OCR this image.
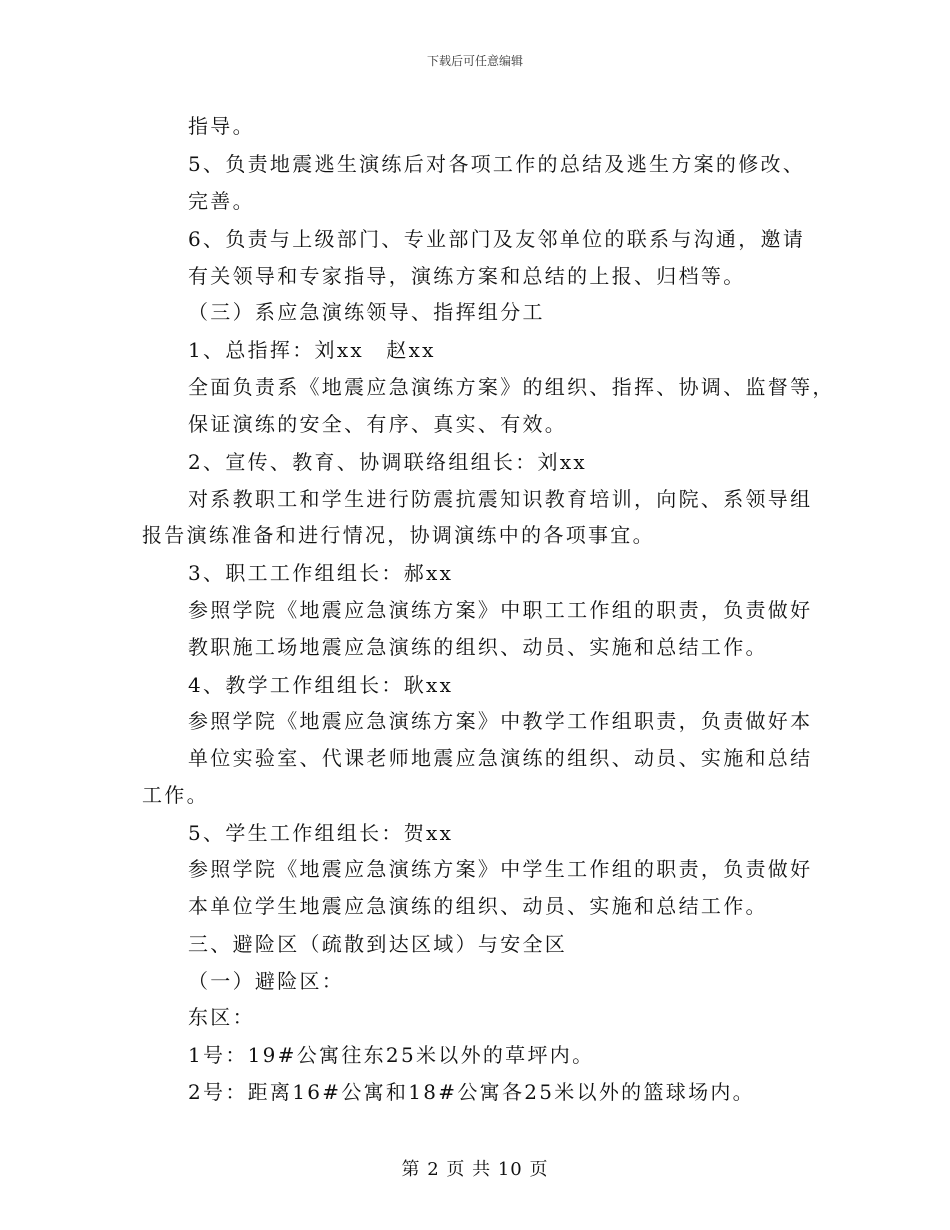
下载后可任意编辑
指导。
5、负责地震逃生演练后对各项工作的总结及逃生方案的修改、
完善。
6、负责与上级部门、专业部门及友邻单位的联系与沟通，邀请
有关领导和专家指导，演练方案和总结的上报、归档等。
（三）系应急演练领导、指挥组分工
1、总指挥：刘xx　赵xx
全面负责系《地震应急演练方案》的组织、指挥、协调、监督等，
保证演练的安全、有序、真实、有效。
2、宣传、教育、协调联络组组长：刘xx
对系教职工和学生进行防震抗震知识教育培训，向院、系领导组
报告演练准备和进行情况，协调演练中的各项事宜。
3、职工工作组组长：郝xx
参照学院《地震应急演练方案》中职工工作组的职责，负责做好
教职施工场地震应急演练的组织、动员、实施和总结工作。
4、教学工作组组长：耿xx
参照学院《地震应急演练方案》中教学工作组职责，负责做好本
单位实验室、代课老师地震应急演练的组织、动员、实施和总结
工作。
5、学生工作组组长：贺xx
参照学院《地震应急演练方案》中学生工作组的职责，负责做好
本单位学生地震应急演练的组织、动员、实施和总结工作。
三、避险区（疏散到达区域）与安全区
（一）避险区：
东区：
1号：19#公寓往东25米以外的草坪内。
2号：距离16#公寓和18#公寓各25米以外的篮球场内。
第 2 页 共 10 页
